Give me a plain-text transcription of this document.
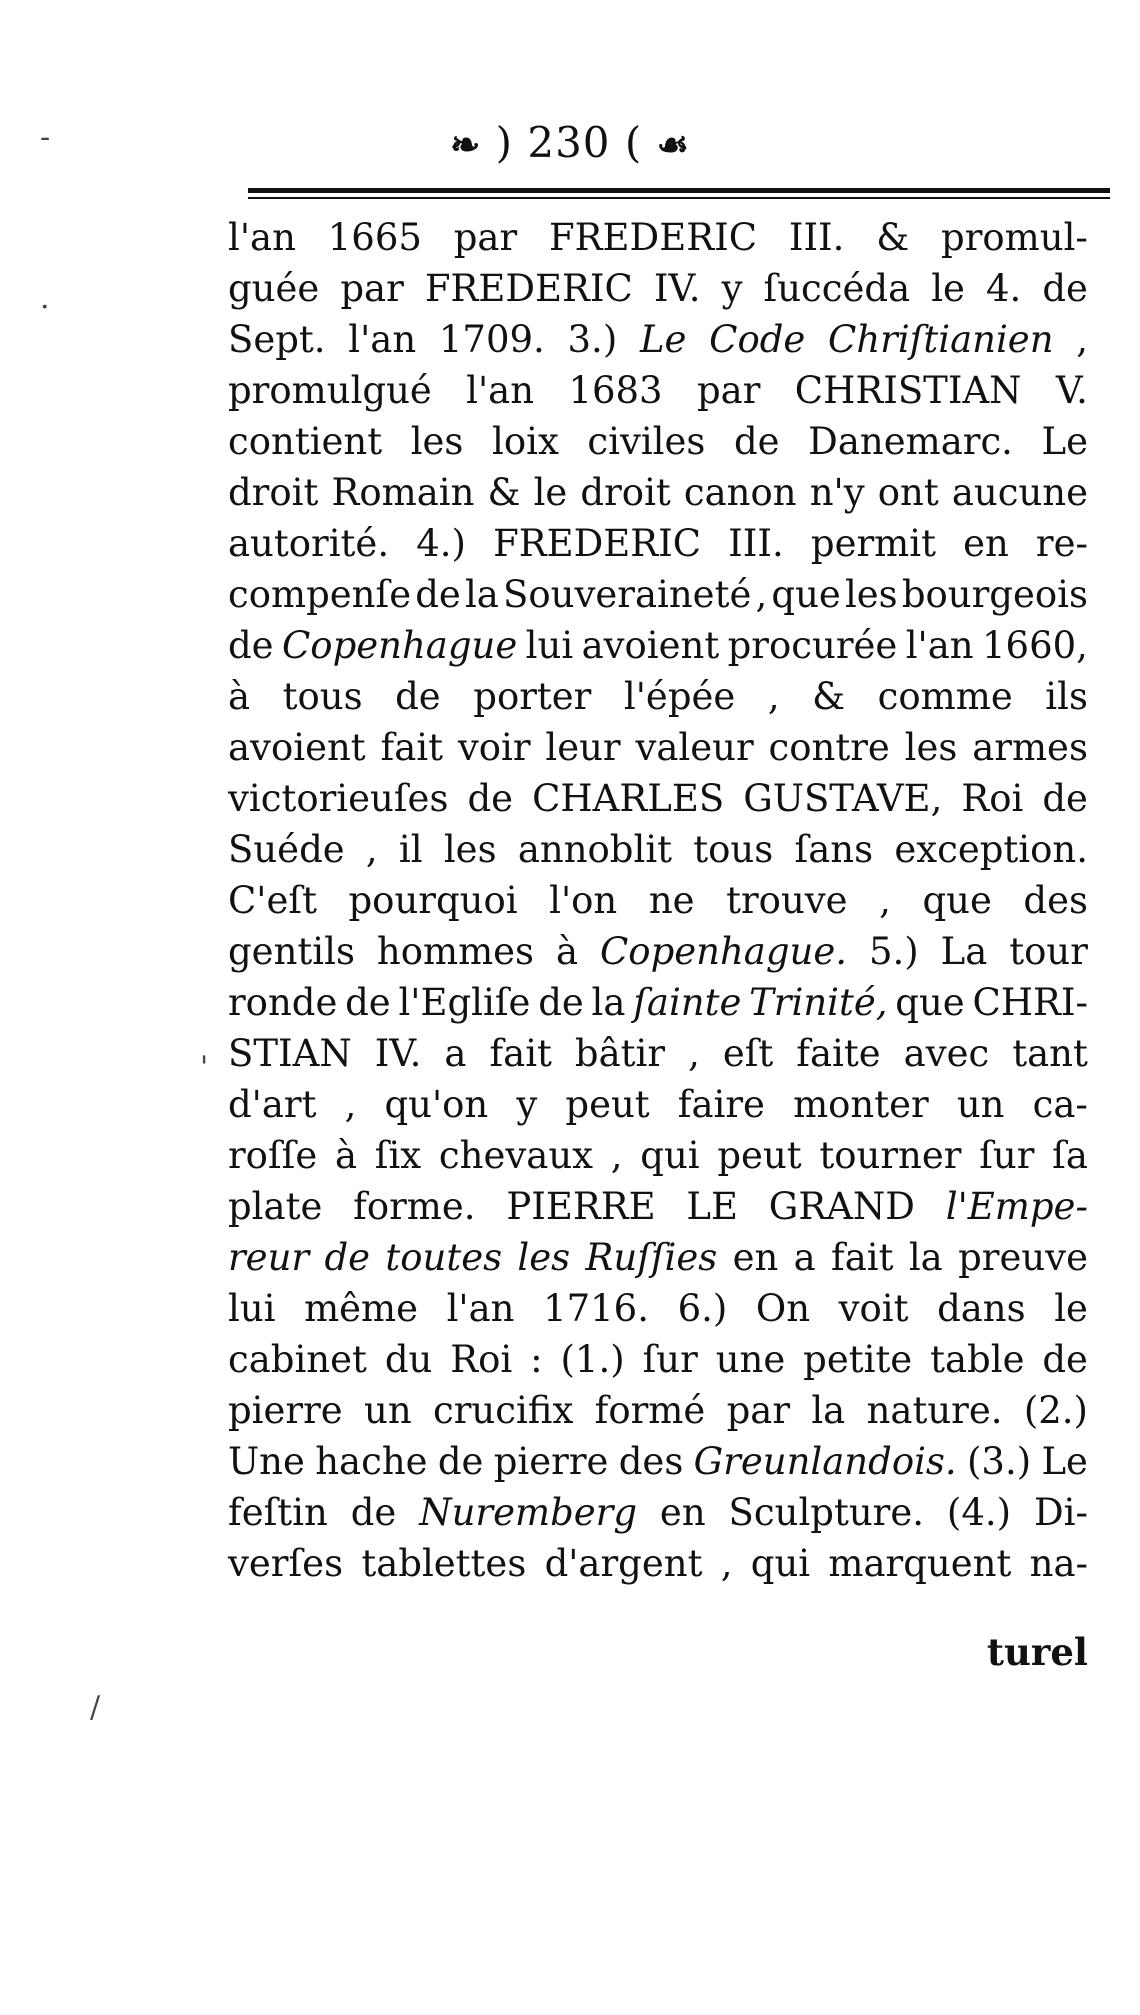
❧ ) 230 ( ☙
l'an 1665 par FREDERIC III. & promul-
guée par FREDERIC IV. y ſuccéda le 4. de
Sept. l'an 1709. 3.) Le Code Chriſtianien ,
promulgué l'an 1683 par CHRISTIAN V.
contient les loix civiles de Danemarc. Le
droit Romain & le droit canon n'y ont aucune
autorité. 4.) FREDERIC III. permit en re-
compenſe de la Souveraineté , que les bourgeois
de Copenhague lui avoient procurée l'an 1660,
à tous de porter l'épée , & comme ils
avoient fait voir leur valeur contre les armes
victorieuſes de CHARLES GUSTAVE, Roi de
Suéde , il les annoblit tous ſans exception.
C'eſt pourquoi l'on ne trouve , que des
gentils hommes à Copenhague. 5.) La tour
ronde de l'Egliſe de la ſainte Trinité, que CHRI-
STIAN IV. a fait bâtir , eſt faite avec tant
d'art , qu'on y peut faire monter un ca-
roſſe à ſix chevaux , qui peut tourner ſur ſa
plate forme. PIERRE LE GRAND l'Empe-
reur de toutes les Ruſſies en a fait la preuve
lui même l'an 1716. 6.) On voit dans le
cabinet du Roi : (1.) ſur une petite table de
pierre un crucifix formé par la nature. (2.)
Une hache de pierre des Greunlandois. (3.) Le
feſtin de Nuremberg en Sculpture. (4.) Di-
verſes tablettes d'argent , qui marquent na-
turel
-
·
'
/
